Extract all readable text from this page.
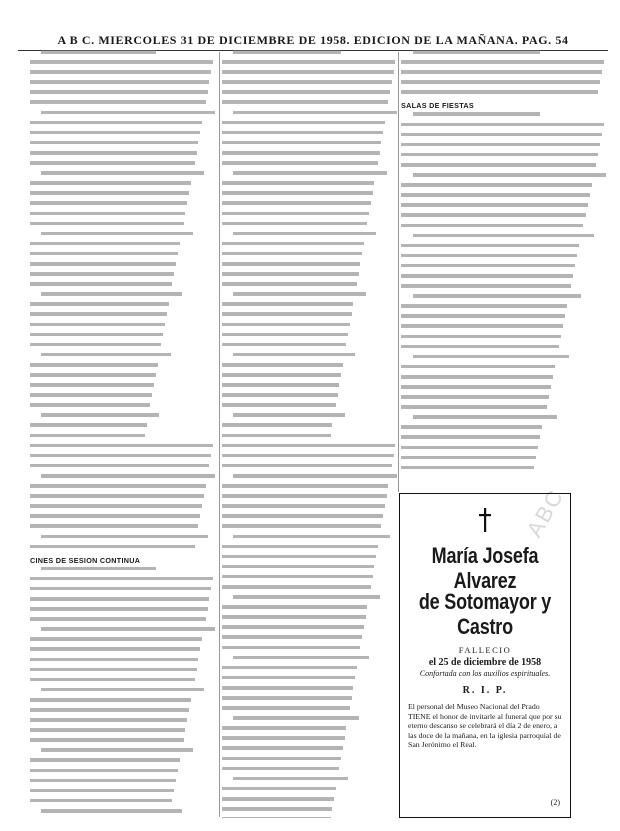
A B C. MIERCOLES 31 DE DICIEMBRE DE 1958. EDICION DE LA MAÑANA. PAG. 54
CINES DE SESION CONTINUA
SALAS DE FIESTAS
ABC
María Josefa Alvarez
de Sotomayor y Castro
FALLECIO
el 25 de diciembre de 1958
Confortada con los auxilios espirituales.
R. I. P.
El personal del Museo Nacional del Prado TIENE el honor de invitarle al funeral que por su eterno descanso se celebrará el día 2 de enero, a las doce de la mañana, en la iglesia parroquial de San Jerónimo el Real.
(2)
